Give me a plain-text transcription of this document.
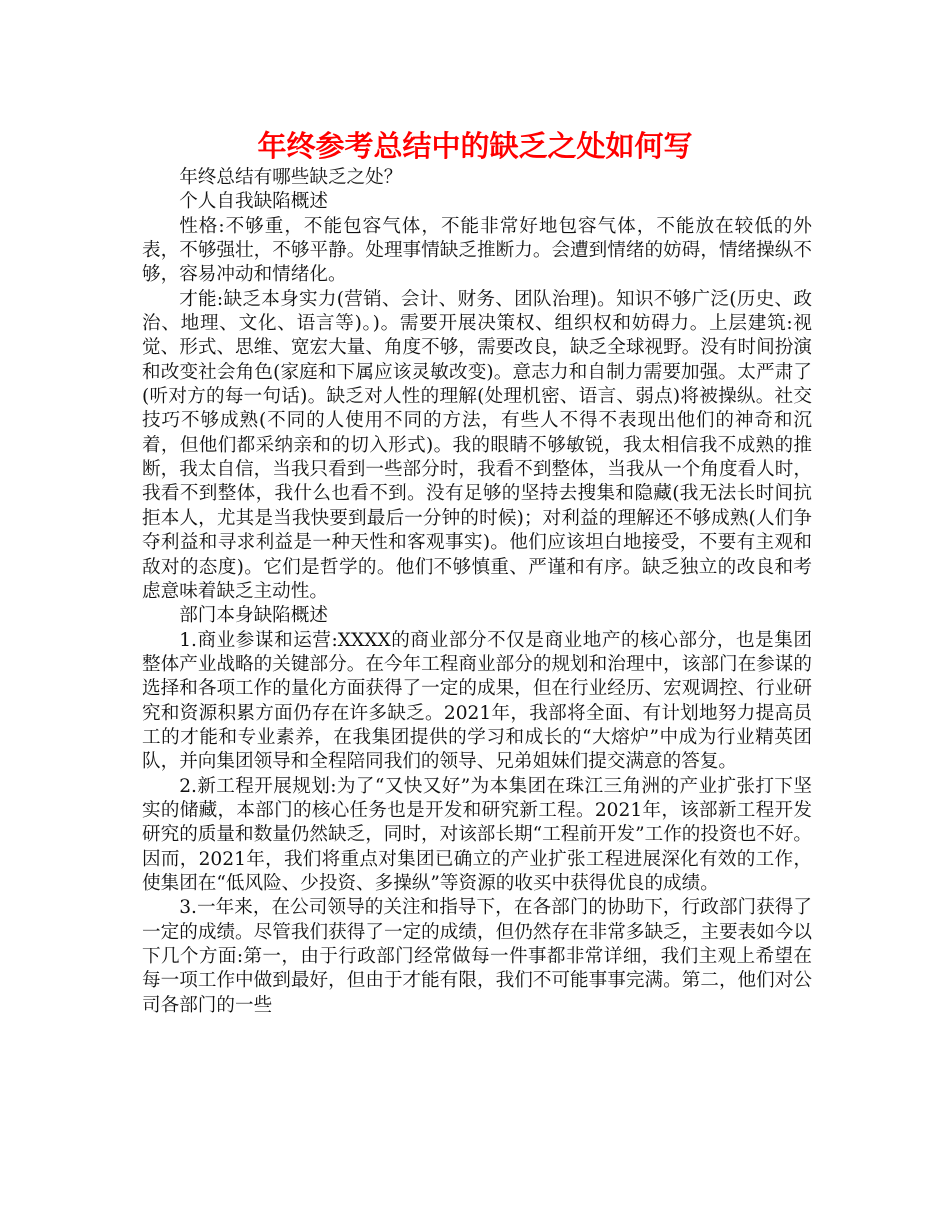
年终参考总结中的缺乏之处如何写

年终总结有哪些缺乏之处？

个人自我缺陷概述

性格:不够重，不能包容气体，不能非常好地包容气体，不能放在较低的外表，不够强壮，不够平静。处理事情缺乏推断力。会遭到情绪的妨碍，情绪操纵不够，容易冲动和情绪化。

才能:缺乏本身实力(营销、会计、财务、团队治理)。知识不够广泛(历史、政治、地理、文化、语言等)。)。需要开展决策权、组织权和妨碍力。上层建筑:视觉、形式、思维、宽宏大量、角度不够，需要改良，缺乏全球视野。没有时间扮演和改变社会角色(家庭和下属应该灵敏改变)。意志力和自制力需要加强。太严肃了(听对方的每一句话)。缺乏对人性的理解(处理机密、语言、弱点)将被操纵。社交技巧不够成熟(不同的人使用不同的方法，有些人不得不表现出他们的神奇和沉着，但他们都采纳亲和的切入形式)。我的眼睛不够敏锐，我太相信我不成熟的推断，我太自信，当我只看到一些部分时，我看不到整体，当我从一个角度看人时，我看不到整体，我什么也看不到。没有足够的坚持去搜集和隐藏(我无法长时间抗拒本人，尤其是当我快要到最后一分钟的时候)；对利益的理解还不够成熟(人们争夺利益和寻求利益是一种天性和客观事实)。他们应该坦白地接受，不要有主观和敌对的态度)。它们是哲学的。他们不够慎重、严谨和有序。缺乏独立的改良和考虑意味着缺乏主动性。

部门本身缺陷概述

1.商业参谋和运营:XXXX的商业部分不仅是商业地产的核心部分，也是集团整体产业战略的关键部分。在今年工程商业部分的规划和治理中，该部门在参谋的选择和各项工作的量化方面获得了一定的成果，但在行业经历、宏观调控、行业研究和资源积累方面仍存在许多缺乏。2021年，我部将全面、有计划地努力提高员工的才能和专业素养，在我集团提供的学习和成长的“大熔炉”中成为行业精英团队，并向集团领导和全程陪同我们的领导、兄弟姐妹们提交满意的答复。

2.新工程开展规划:为了“又快又好”为本集团在珠江三角洲的产业扩张打下坚实的储藏，本部门的核心任务也是开发和研究新工程。2021年，该部新工程开发研究的质量和数量仍然缺乏，同时，对该部长期“工程前开发”工作的投资也不好。因而，2021年，我们将重点对集团已确立的产业扩张工程进展深化有效的工作，使集团在“低风险、少投资、多操纵”等资源的收买中获得优良的成绩。

3.一年来，在公司领导的关注和指导下，在各部门的协助下，行政部门获得了一定的成绩。尽管我们获得了一定的成绩，但仍然存在非常多缺乏，主要表如今以下几个方面:第一，由于行政部门经常做每一件事都非常详细，我们主观上希望在每一项工作中做到最好，但由于才能有限，我们不可能事事完满。第二，他们对公司各部门的一些
